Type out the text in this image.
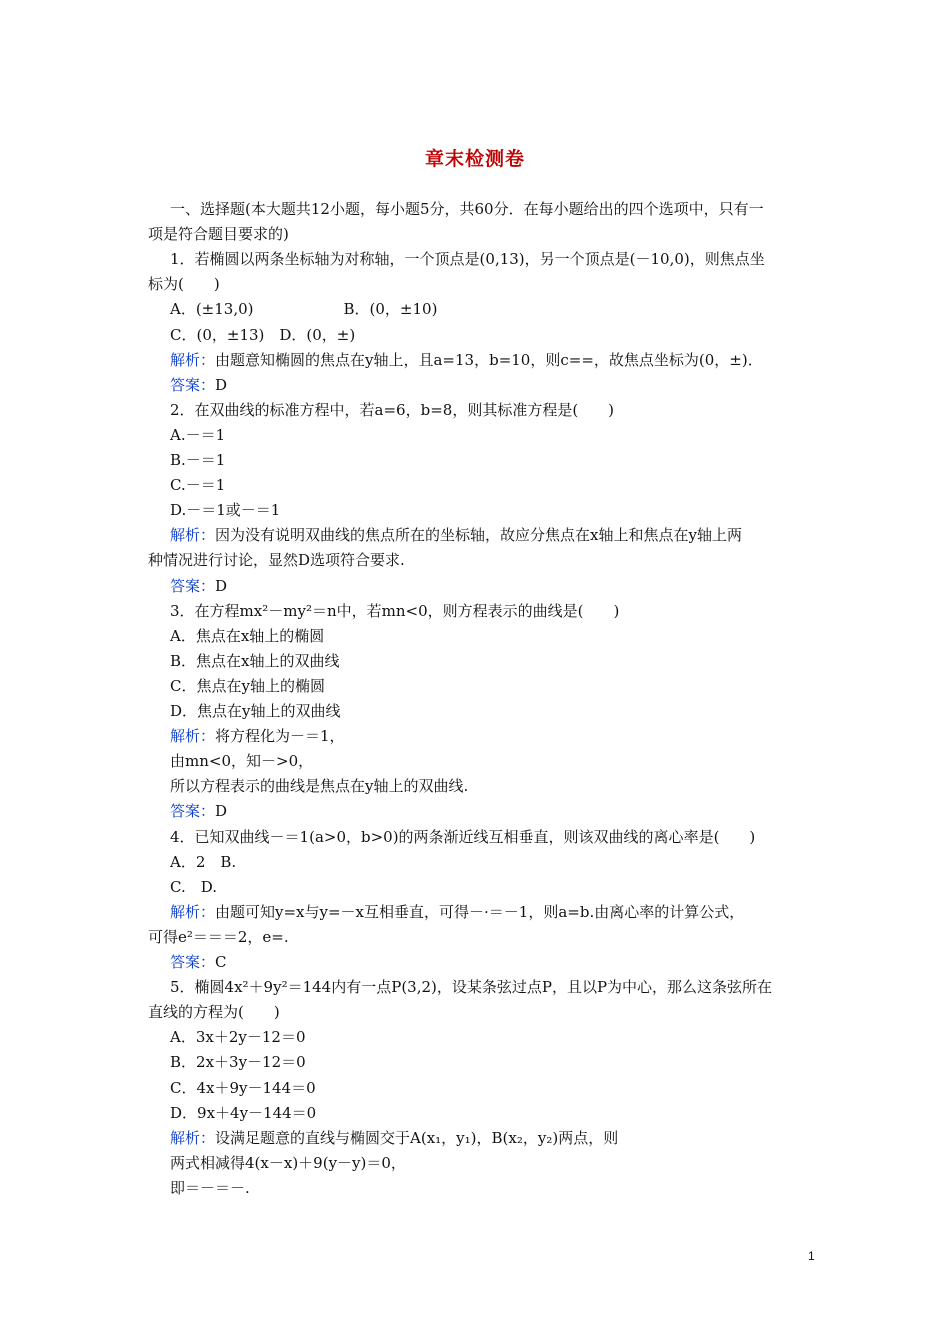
章末检测卷
一、选择题(本大题共12小题，每小题5分，共60分．在每小题给出的四个选项中，只有一
项是符合题目要求的)
1．若椭圆以两条坐标轴为对称轴，一个顶点是(0,13)，另一个顶点是(－10,0)，则焦点坐
标为(　　)
A．(±13,0)　　　　　　B．(0，±10)
C．(0，±13)　D．(0，±)
解析：由题意知椭圆的焦点在y轴上，且a=13，b=10，则c==，故焦点坐标为(0，±)．
答案：D
2．在双曲线的标准方程中，若a=6，b=8，则其标准方程是(　　)
A.－＝1
B.－＝1
C.－＝1
D.－＝1或－＝1
解析：因为没有说明双曲线的焦点所在的坐标轴，故应分焦点在x轴上和焦点在y轴上两
种情况进行讨论，显然D选项符合要求.
答案：D
3．在方程mx²－my²＝n中，若mn<0，则方程表示的曲线是(　　)
A．焦点在x轴上的椭圆
B．焦点在x轴上的双曲线
C．焦点在y轴上的椭圆
D．焦点在y轴上的双曲线
解析：将方程化为－＝1，
由mn<0，知－>0，
所以方程表示的曲线是焦点在y轴上的双曲线.
答案：D
4．已知双曲线－＝1(a>0，b>0)的两条渐近线互相垂直，则该双曲线的离心率是(　　)
A．2　B.
C.　D.
解析：由题可知y=x与y=－x互相垂直，可得－·＝－1，则a=b.由离心率的计算公式，
可得e²＝＝＝2，e=.
答案：C
5．椭圆4x²＋9y²＝144内有一点P(3,2)，设某条弦过点P，且以P为中心，那么这条弦所在
直线的方程为(　　)
A．3x＋2y－12＝0
B．2x＋3y－12＝0
C．4x＋9y－144＝0
D．9x＋4y－144＝0
解析：设满足题意的直线与椭圆交于A(x₁，y₁)，B(x₂，y₂)两点，则
两式相减得4(x－x)＋9(y－y)＝0，
即＝－＝－.
1
